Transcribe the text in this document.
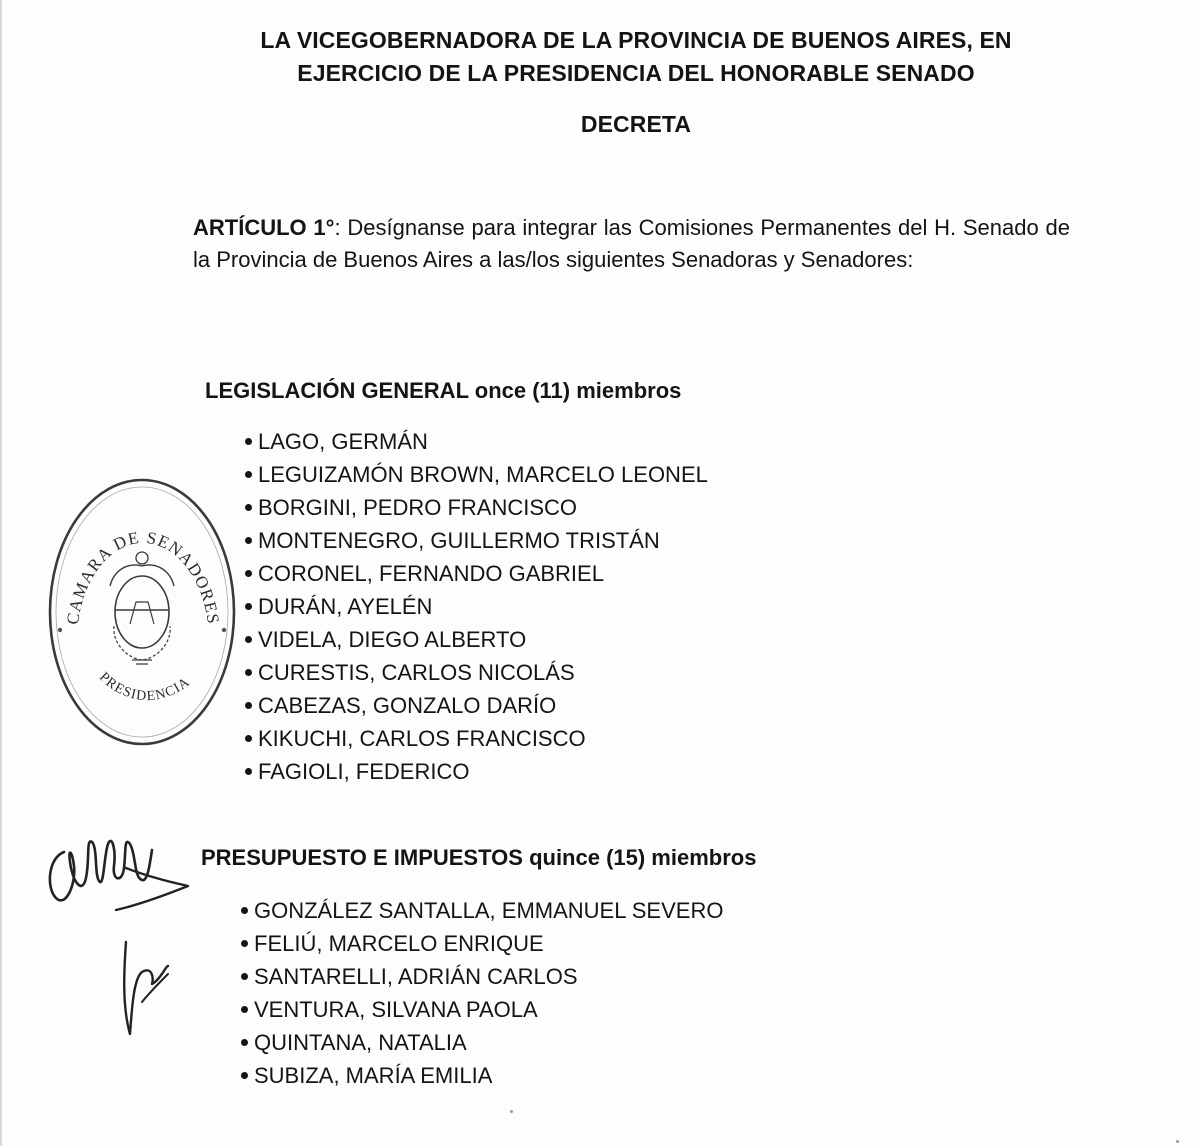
LA VICEGOBERNADORA DE LA PROVINCIA DE BUENOS AIRES, EN
EJERCICIO DE LA PRESIDENCIA DEL HONORABLE SENADO
DECRETA
ARTÍCULO 1°: Desígnanse para integrar las Comisiones Permanentes del H. Senado de la Provincia de Buenos Aires a las/los siguientes Senadoras y Senadores:
LEGISLACIÓN GENERAL once (11) miembros
LAGO, GERMÁN
LEGUIZAMÓN BROWN, MARCELO LEONEL
BORGINI, PEDRO FRANCISCO
MONTENEGRO, GUILLERMO TRISTÁN
CORONEL, FERNANDO GABRIEL
DURÁN, AYELÉN
VIDELA, DIEGO ALBERTO
CURESTIS, CARLOS NICOLÁS
CABEZAS, GONZALO DARÍO
KIKUCHI, CARLOS FRANCISCO
FAGIOLI, FEDERICO
PRESUPUESTO E IMPUESTOS quince (15) miembros
GONZÁLEZ SANTALLA, EMMANUEL SEVERO
FELIÚ, MARCELO ENRIQUE
SANTARELLI, ADRIÁN CARLOS
VENTURA, SILVANA PAOLA
QUINTANA, NATALIA
SUBIZA, MARÍA EMILIA
CAMARA DE SENADORES
PRESIDENCIA
